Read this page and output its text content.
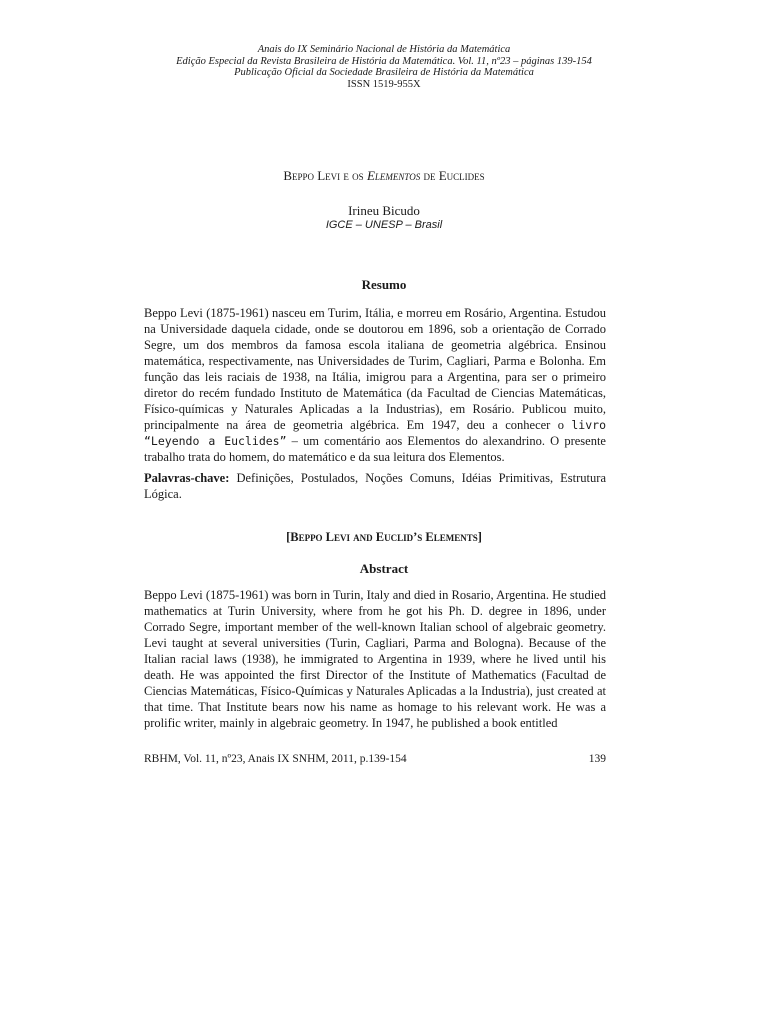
Anais do IX Seminário Nacional de História da Matemática
Edição Especial da Revista Brasileira de História da Matemática. Vol. 11, nº23 – páginas 139-154
Publicação Oficial da Sociedade Brasileira de História da Matemática
ISSN 1519-955X
Beppo Levi e os Elementos de Euclides
Irineu Bicudo
IGCE – UNESP – Brasil
Resumo
Beppo Levi (1875-1961) nasceu em Turim, Itália, e morreu em Rosário, Argentina. Estudou na Universidade daquela cidade, onde se doutorou em 1896, sob a orientação de Corrado Segre, um dos membros da famosa escola italiana de geometria algébrica. Ensinou matemática, respectivamente, nas Universidades de Turim, Cagliari, Parma e Bolonha. Em função das leis raciais de 1938, na Itália, imigrou para a Argentina, para ser o primeiro diretor do recém fundado Instituto de Matemática (da Facultad de Ciencias Matemáticas, Físico-químicas y Naturales Aplicadas a la Industrias), em Rosário. Publicou muito, principalmente na área de geometria algébrica. Em 1947, deu a conhecer o livro “Leyendo a Euclides” – um comentário aos Elementos do alexandrino. O presente trabalho trata do homem, do matemático e da sua leitura dos Elementos.
Palavras-chave: Definições, Postulados, Noções Comuns, Idéias Primitivas, Estrutura Lógica.
[Beppo Levi and Euclid’s Elements]
Abstract
Beppo Levi (1875-1961) was born in Turin, Italy and died in Rosario, Argentina. He studied mathematics at Turin University, where from he got his Ph. D. degree in 1896, under Corrado Segre, important member of the well-known Italian school of algebraic geometry. Levi taught at several universities (Turin, Cagliari, Parma and Bologna). Because of the Italian racial laws (1938), he immigrated to Argentina in 1939, where he lived until his death. He was appointed the first Director of the Institute of Mathematics (Facultad de Ciencias Matemáticas, Físico-Químicas y Naturales Aplicadas a la Industria), just created at that time. That Institute bears now his name as homage to his relevant work. He was a prolific writer, mainly in algebraic geometry. In 1947, he published a book entitled
RBHM, Vol. 11, nº23, Anais IX SNHM, 2011, p.139-154	139
